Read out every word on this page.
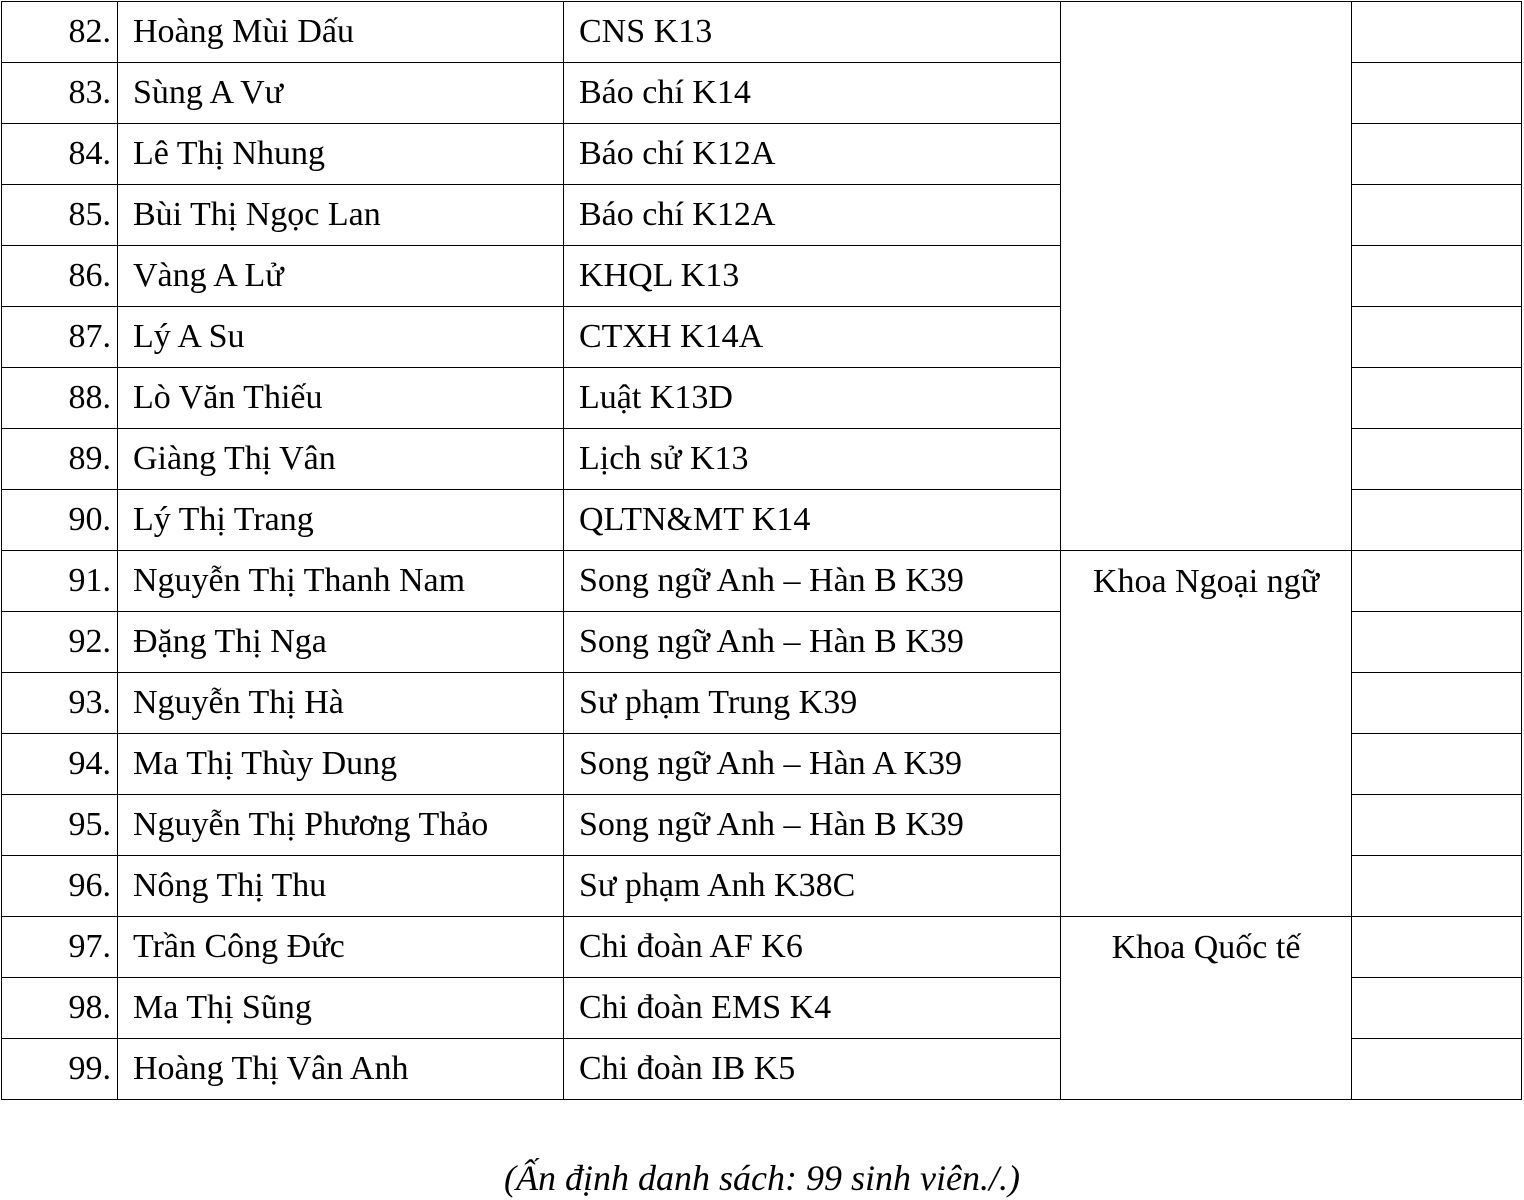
82.	Hoàng Mùi Dấu	CNS K13		
83.	Sùng A Vư	Báo chí K14		
84.	Lê Thị Nhung	Báo chí K12A		
85.	Bùi Thị Ngọc Lan	Báo chí K12A		
86.	Vàng A Lử	KHQL K13		
87.	Lý A Su	CTXH K14A		
88.	Lò Văn Thiếu	Luật K13D		
89.	Giàng Thị Vân	Lịch sử K13		
90.	Lý Thị Trang	QLTN&MT K14		
91.	Nguyễn Thị Thanh Nam	Song ngữ Anh – Hàn B K39	Khoa Ngoại ngữ	
92.	Đặng Thị Nga	Song ngữ Anh – Hàn B K39		
93.	Nguyễn Thị Hà	Sư phạm Trung K39		
94.	Ma Thị Thùy Dung	Song ngữ Anh – Hàn A K39		
95.	Nguyễn Thị Phương Thảo	Song ngữ Anh – Hàn B K39		
96.	Nông Thị Thu	Sư phạm Anh K38C		
97.	Trần Công Đức	Chi đoàn AF K6	Khoa Quốc tế	
98.	Ma Thị Sũng	Chi đoàn EMS K4		
99.	Hoàng Thị Vân Anh	Chi đoàn IB K5		
(Ấn định danh sách: 99 sinh viên./.)
